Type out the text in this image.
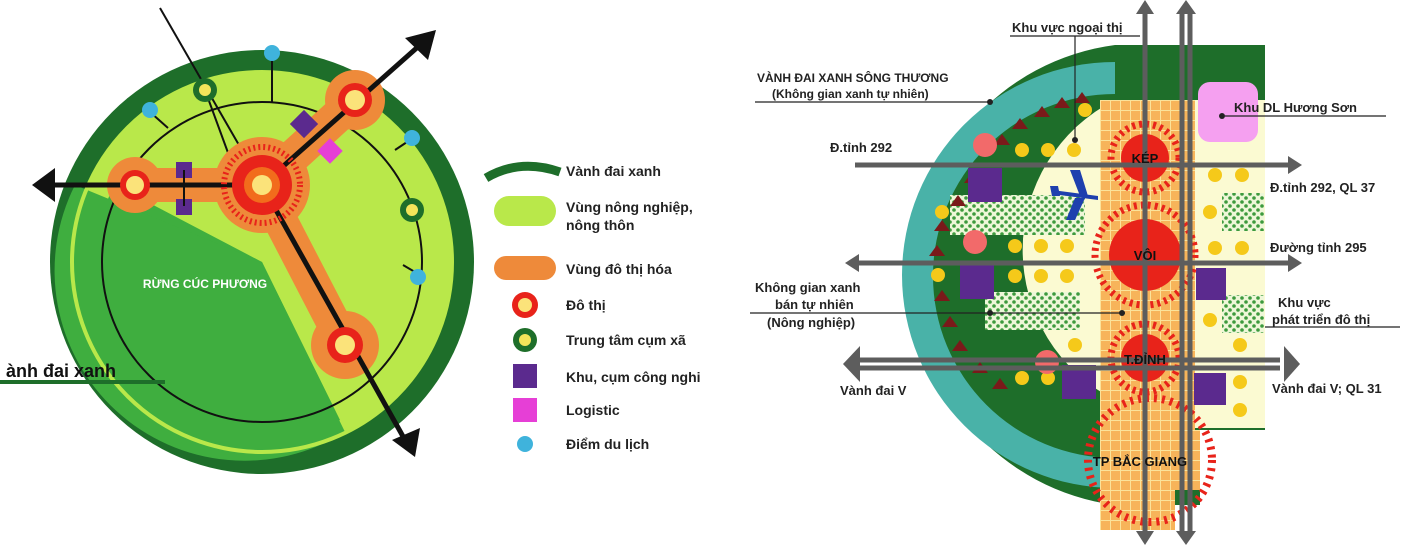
RỪNG CÚC PHƯƠNG
ành đai xanh
Vành đai xanh
Vùng nông nghiệp,
nông thôn
Vùng đô thị hóa
Đô thị
Trung tâm cụm xã
Khu, cụm công nghi
Logistic
Điểm du lịch
KÉP
VÔI
T.ĐỈNH
TP BẮC GIANG
Khu vực ngoại thị
VÀNH ĐAI XANH SÔNG THƯƠNG
(Không gian xanh tự nhiên)
Khu DL Hương Sơn
Đ.tỉnh 292
Đ.tỉnh 292, QL 37
Đường tỉnh 295
Không gian xanh
bán tự nhiên
(Nông nghiệp)
Khu vực
phát triển đô thị
Vành đai V	Vành đai V; QL 31
